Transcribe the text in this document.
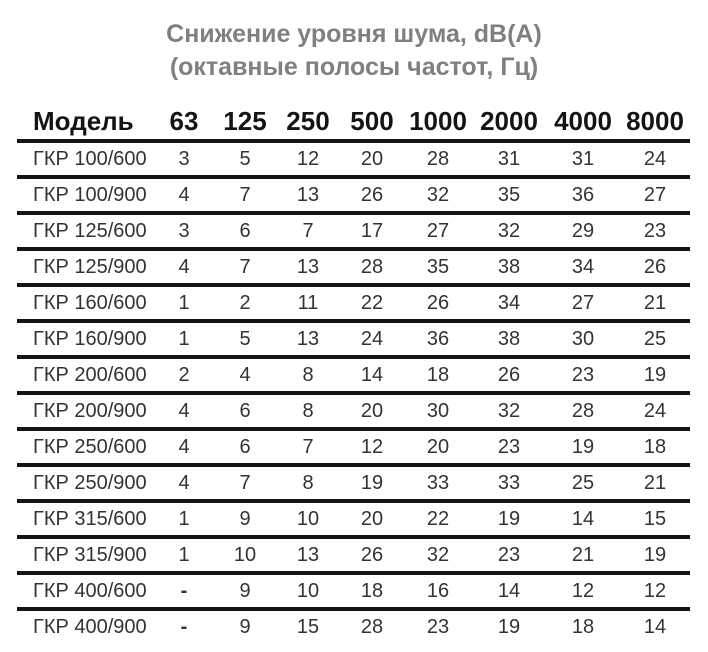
Снижение уровня шума, dB(A)
(октавные полосы частот, Гц)
Модель	63	125	250	500	1000	2000	4000	8000
ГКР 100/600	3	5	12	20	28	31	31	24
ГКР 100/900	4	7	13	26	32	35	36	27
ГКР 125/600	3	6	7	17	27	32	29	23
ГКР 125/900	4	7	13	28	35	38	34	26
ГКР 160/600	1	2	11	22	26	34	27	21
ГКР 160/900	1	5	13	24	36	38	30	25
ГКР 200/600	2	4	8	14	18	26	23	19
ГКР 200/900	4	6	8	20	30	32	28	24
ГКР 250/600	4	6	7	12	20	23	19	18
ГКР 250/900	4	7	8	19	33	33	25	21
ГКР 315/600	1	9	10	20	22	19	14	15
ГКР 315/900	1	10	13	26	32	23	21	19
ГКР 400/600	-	9	10	18	16	14	12	12
ГКР 400/900	-	9	15	28	23	19	18	14
